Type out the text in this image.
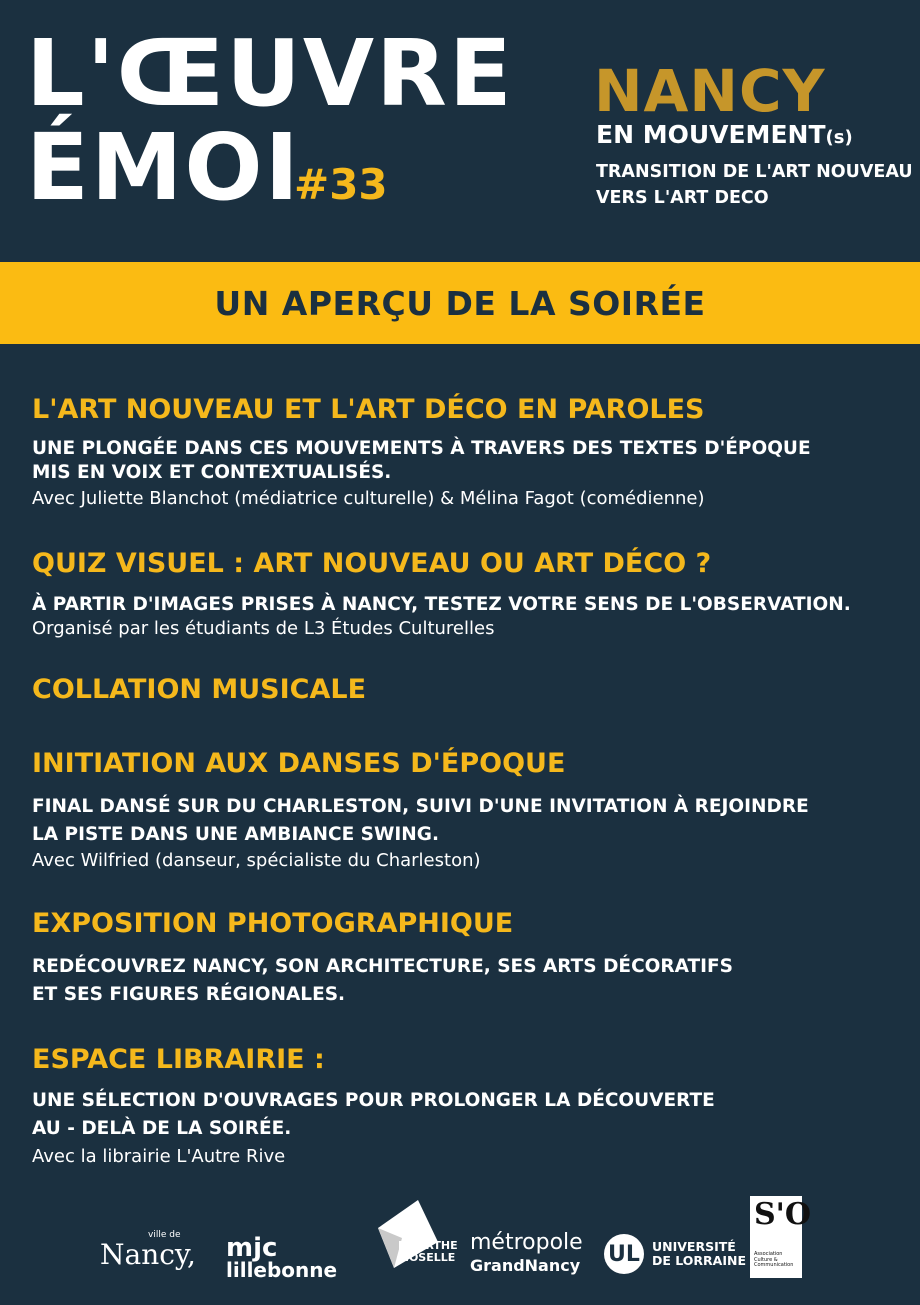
L'ŒUVRE
ÉMOI
#33
NANCY
EN MOUVEMENT(s)
TRANSITION DE L'ART NOUVEAU
VERS L'ART DECO
UN APERÇU DE LA SOIRÉE
L'ART NOUVEAU ET L'ART DÉCO EN PAROLES
UNE PLONGÉE DANS CES MOUVEMENTS À TRAVERS DES TEXTES D'ÉPOQUE
MIS EN VOIX ET CONTEXTUALISÉS.
Avec Juliette Blanchot (médiatrice culturelle) & Mélina Fagot (comédienne)
QUIZ VISUEL : ART NOUVEAU OU ART DÉCO ?
À PARTIR D'IMAGES PRISES À NANCY, TESTEZ VOTRE SENS DE L'OBSERVATION.
Organisé par les étudiants de L3 Études Culturelles
COLLATION MUSICALE
INITIATION AUX DANSES D'ÉPOQUE
FINAL DANSÉ SUR DU CHARLESTON, SUIVI D'UNE INVITATION À REJOINDRE
LA PISTE DANS UNE AMBIANCE SWING.
Avec Wilfried (danseur, spécialiste du Charleston)
EXPOSITION PHOTOGRAPHIQUE
REDÉCOUVREZ NANCY, SON ARCHITECTURE, SES ARTS DÉCORATIFS
ET SES FIGURES RÉGIONALES.
ESPACE LIBRAIRIE :
UNE SÉLECTION D'OUVRAGES POUR PROLONGER LA DÉCOUVERTE
AU - DELÀ DE LA SOIRÉE.
Avec la librairie L'Autre Rive
ville de
Nancy, mjc
lillebonne
MEURTHE MOSELLE
métropole
GrandNancy UL UNIVERSITÉ
DE LORRAINE
S'O
Association Culture & Communication
